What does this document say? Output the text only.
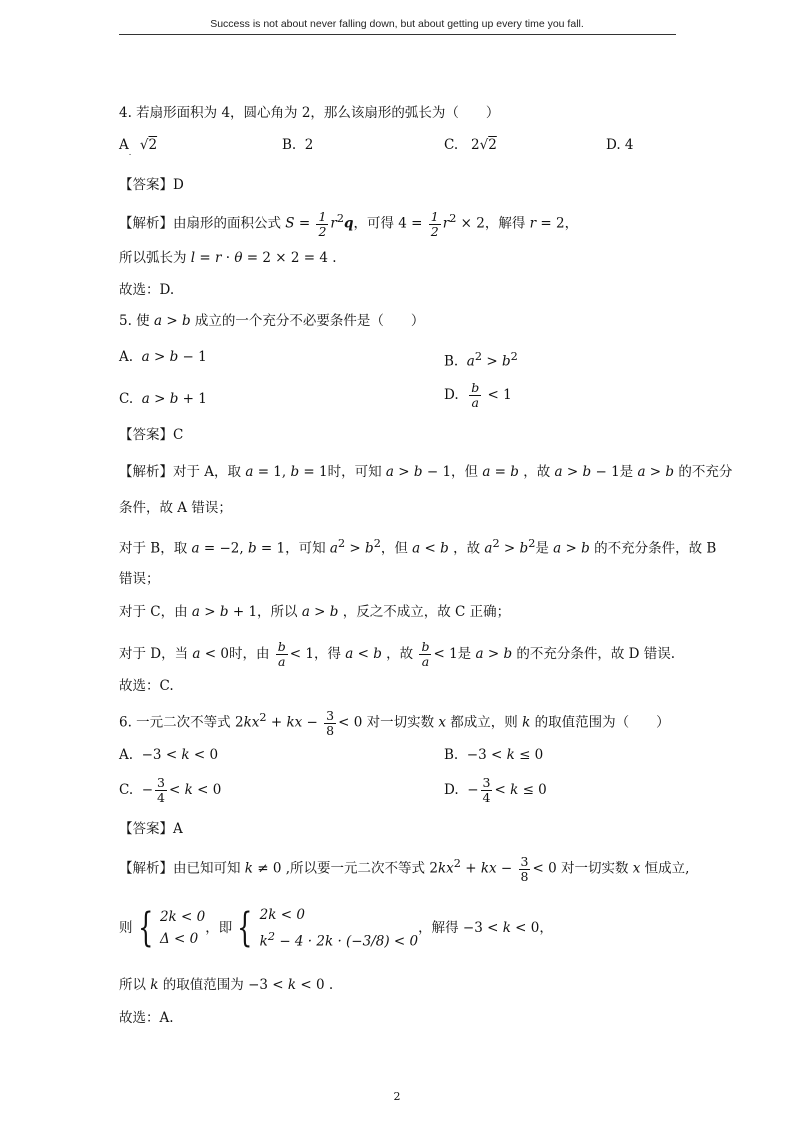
Success is not about never falling down, but about getting up every time you fall.
4. 若扇形面积为 4，圆心角为 2，那么该扇形的弧长为（　　）
$A_.$  √2	B.  2	C.   2√2	D. 4
【答案】D
【解析】由扇形的面积公式 $S = \frac{1}{2} r^2q$，可得 $4 = \frac{1}{2} r^2 \times 2$，解得 r = 2，
所以弧长为 l = r · θ = 2 × 2 = 4 .
故选：D.
5. 使 a > b 成立的一个充分不必要条件是（　　）
A.  a > b − 1	B.  $a^2 > b^2$
C.  a > b + 1	D. $\frac{b}{a} < 1$
【答案】C
【解析】对于 A，取 a = 1, b = 1时，可知 a > b − 1，但 a = b ，故 a > b − 1是 a > b 的不充分
条件，故 A 错误；
对于 B，取 a = −2, b = 1，可知 $a^2 > b^2$，但 a < b ，故 $a^2 > b^2$是 a > b 的不充分条件，故 B
错误；
对于 C，由 a > b + 1，所以 a > b ，反之不成立，故 C 正确；
对于 D，当 a < 0时，由 $\frac{b}{a} < 1$，得 a < b ，故 $\frac{b}{a} < 1$是 a > b 的不充分条件，故 D 错误.
故选：C.
6. 一元二次不等式 $2kx^2$ + kx − $\frac{3}{8} < 0$ 对一切实数 x 都成立，则 k 的取值范围为（　　）
A.  −3 < k < 0	B.  −3 < k ≤ 0
C.  − $\frac{3}{4} < k < 0$	D.  − $\frac{3}{4} < k \le 0$
【答案】A
【解析】由已知可知 k ≠ 0 ,所以要一元二次不等式 $2kx^2$ + kx − $\frac{3}{8} < 0$ 对一切实数 x 恒成立,
则 { 2k < 0
Δ < 0
，即 { 2k < 0
$k^2 - 4 \cdot 2k \cdot (-3/8) < 0$
，解得 −3 < k < 0，
所以 k 的取值范围为 −3 < k < 0 .
故选：A.
2
